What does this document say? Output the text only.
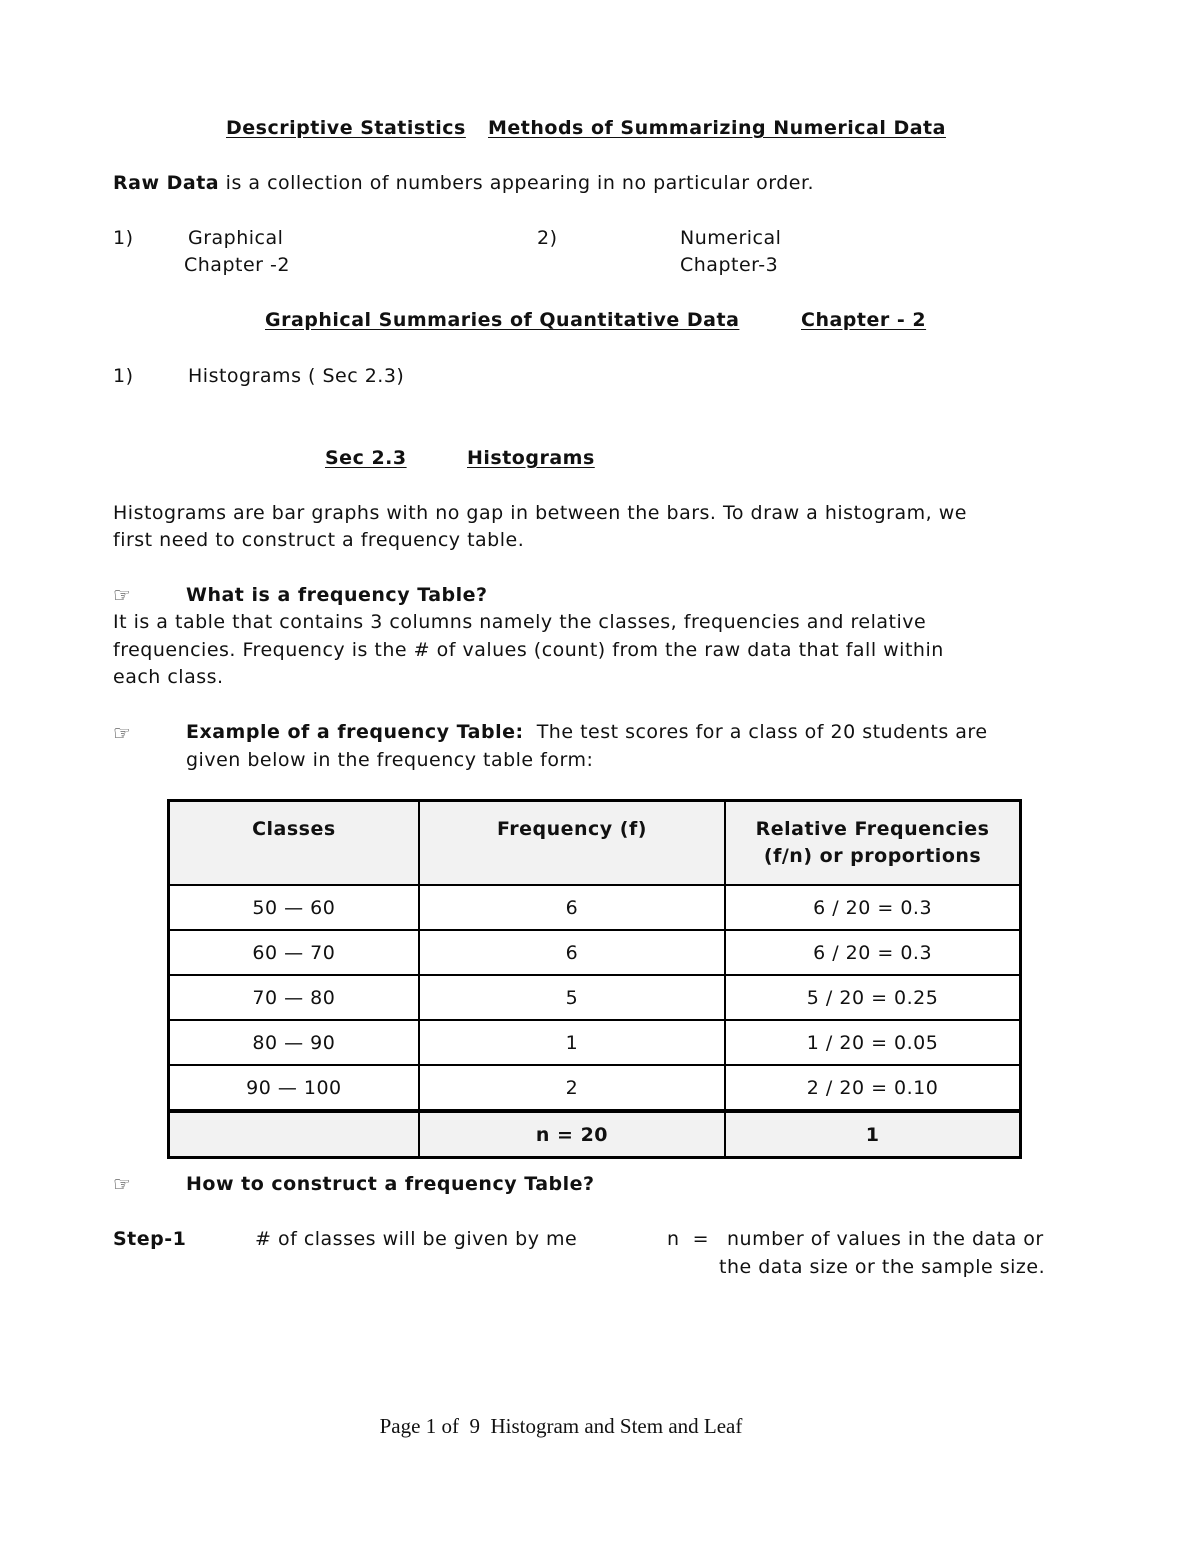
Descriptive Statistics Methods of Summarizing Numerical Data
Raw Data is a collection of numbers appearing in no particular order.
1)	Graphical
Chapter -2
2)	Numerical
Chapter-3
Graphical Summaries of Quantitative Data	Chapter - 2
1)	Histograms ( Sec 2.3)
Sec 2.3	Histograms
Histograms are bar graphs with no gap in between the bars. To draw a histogram, we
first need to construct a frequency table.
☞	What is a frequency Table?
It is a table that contains 3 columns namely the classes, frequencies and relative
frequencies. Frequency is the # of values (count) from the raw data that fall within
each class.
☞	Example of a frequency Table: The test scores for a class of 20 students are
given below in the frequency table form:
Classes	Frequency (f)	Relative Frequencies
(f/n) or proportions

50 — 60	6	6 / 20 = 0.3
60 — 70	6	6 / 20 = 0.3
70 — 80	5	5 / 20 = 0.25
80 — 90	1	1 / 20 = 0.05
90 — 100	2	2 / 20 = 0.10
	n = 20	1
☞	How to construct a frequency Table?
Step-1	# of classes will be given by me	n  = number of values in the data or
the data size or the sample size.
Page 1 of  9  Histogram and Stem and Leaf
